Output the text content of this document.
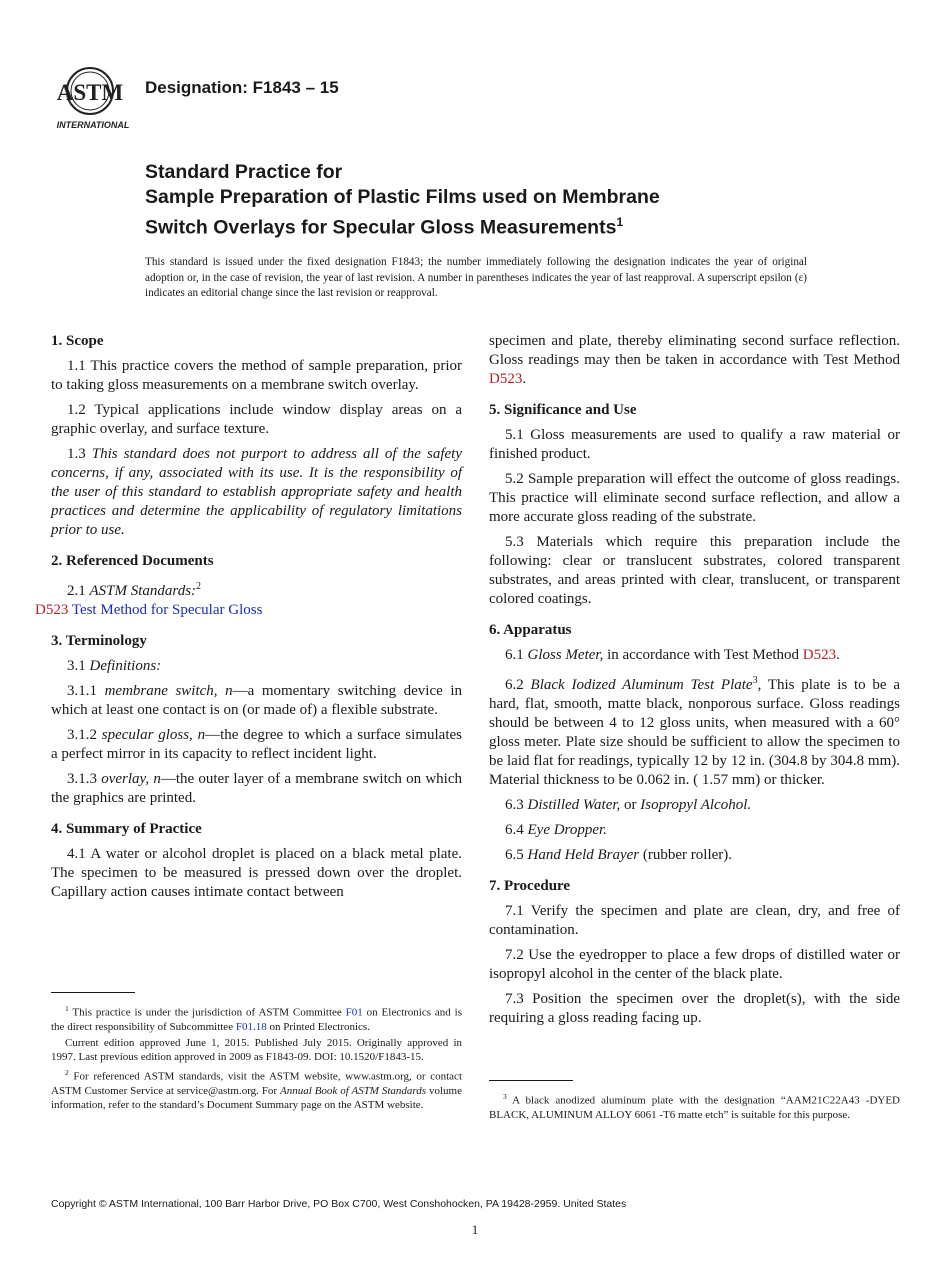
ASTM
INTERNATIONAL
Designation: F1843 – 15
Standard Practice for
Sample Preparation of Plastic Films used on Membrane
Switch Overlays for Specular Gloss Measurements$^1$
This standard is issued under the fixed designation F1843; the number immediately following the designation indicates the year of original adoption or, in the case of revision, the year of last revision. A number in parentheses indicates the year of last reapproval. A superscript epsilon (ε) indicates an editorial change since the last revision or reapproval.
1. Scope

1.1 This practice covers the method of sample preparation, prior to taking gloss measurements on a membrane switch overlay.

1.2 Typical applications include window display areas on a graphic overlay, and surface texture.

1.3 This standard does not purport to address all of the safety concerns, if any, associated with its use. It is the responsibility of the user of this standard to establish appropriate safety and health practices and determine the applicability of regulatory limitations prior to use.

2. Referenced Documents

2.1 ASTM Standards:$^2$
D523 Test Method for Specular Gloss

3. Terminology

3.1 Definitions:

3.1.1 membrane switch, n—a momentary switching device in which at least one contact is on (or made of) a flexible substrate.

3.1.2 specular gloss, n—the degree to which a surface simulates a perfect mirror in its capacity to reflect incident light.

3.1.3 overlay, n—the outer layer of a membrane switch on which the graphics are printed.

4. Summary of Practice

4.1 A water or alcohol droplet is placed on a black metal plate. The specimen to be measured is pressed down over the droplet. Capillary action causes intimate contact between

specimen and plate, thereby eliminating second surface reflection. Gloss readings may then be taken in accordance with Test Method D523.

5. Significance and Use

5.1 Gloss measurements are used to qualify a raw material or finished product.

5.2 Sample preparation will effect the outcome of gloss readings. This practice will eliminate second surface reflection, and allow a more accurate gloss reading of the substrate.

5.3 Materials which require this preparation include the following: clear or translucent substrates, colored transparent substrates, and areas printed with clear, translucent, or transparent colored coatings.

6. Apparatus

6.1 Gloss Meter, in accordance with Test Method D523.

6.2 Black Iodized Aluminum Test Plate$^3$, This plate is to be a hard, flat, smooth, matte black, nonporous surface. Gloss readings should be between 4 to 12 gloss units, when measured with a 60° gloss meter. Plate size should be sufficient to allow the specimen to be laid flat for readings, typically 12 by 12 in. (304.8 by 304.8 mm). Material thickness to be 0.062 in. ( 1.57 mm) or thicker.

6.3 Distilled Water, or Isopropyl Alcohol.

6.4 Eye Dropper.

6.5 Hand Held Brayer (rubber roller).

7. Procedure

7.1 Verify the specimen and plate are clean, dry, and free of contamination.

7.2 Use the eyedropper to place a few drops of distilled water or isopropyl alcohol in the center of the black plate.

7.3 Position the specimen over the droplet(s), with the side requiring a gloss reading facing up.

$^1$ This practice is under the jurisdiction of ASTM Committee F01 on Electronics and is the direct responsibility of Subcommittee F01.18 on Printed Electronics.

Current edition approved June 1, 2015. Published July 2015. Originally approved in 1997. Last previous edition approved in 2009 as F1843-09. DOI: 10.1520/F1843-15.

$^2$ For referenced ASTM standards, visit the ASTM website, www.astm.org, or contact ASTM Customer Service at service@astm.org. For Annual Book of ASTM Standards volume information, refer to the standard’s Document Summary page on the ASTM website.

$^3$ A black anodized aluminum plate with the designation “AAM21C22A43 -DYED BLACK, ALUMINUM ALLOY 6061 -T6 matte etch” is suitable for this purpose.

Copyright © ASTM International, 100 Barr Harbor Drive, PO Box C700, West Conshohocken, PA 19428-2959. United States
1
